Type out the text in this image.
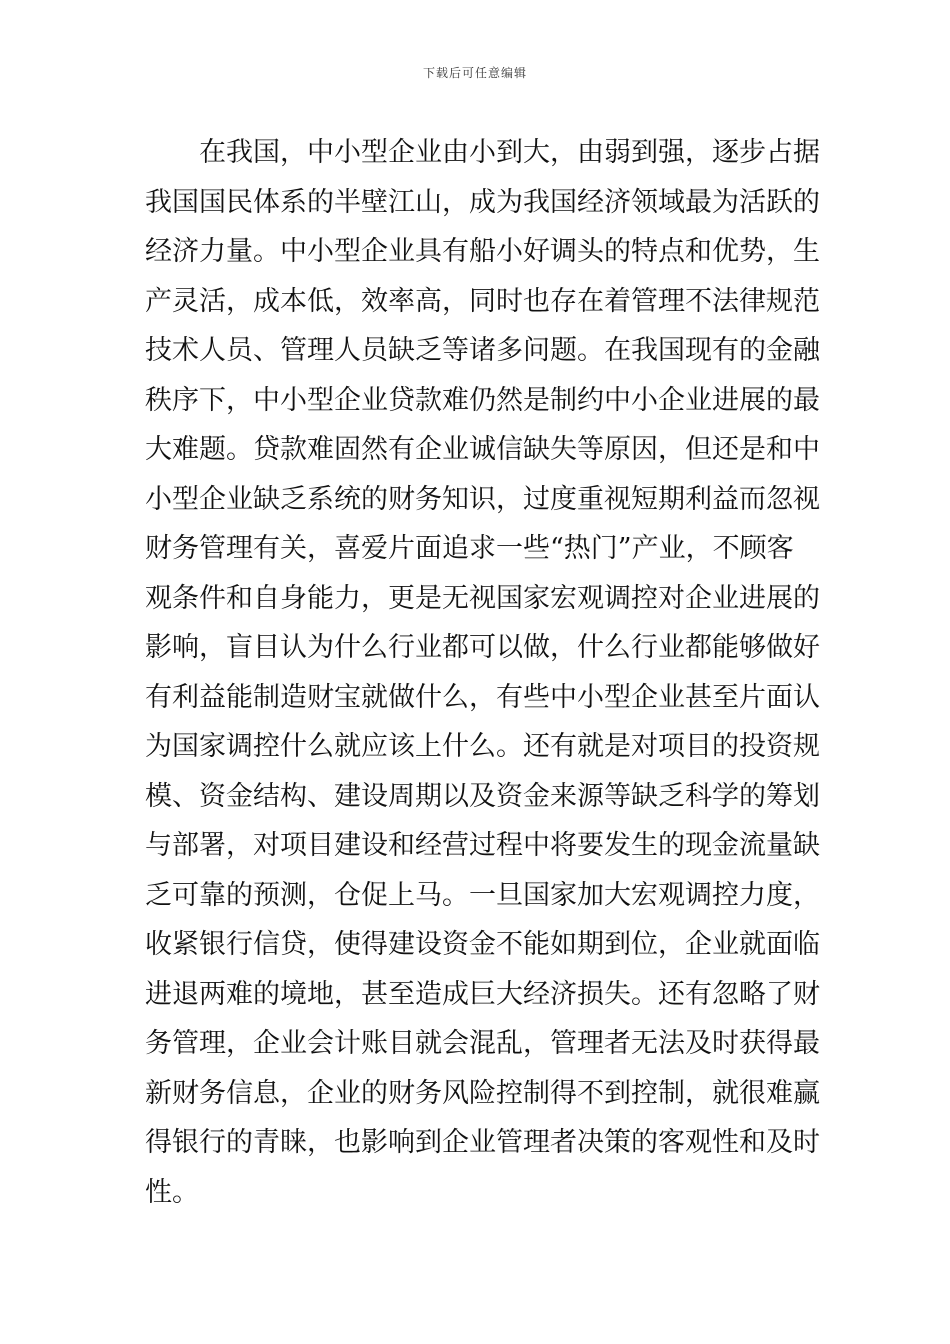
下载后可任意编辑
在我国，中小型企业由小到大，由弱到强，逐步占据
我国国民体系的半壁江山，成为我国经济领域最为活跃的
经济力量。中小型企业具有船小好调头的特点和优势，生
产灵活，成本低，效率高，同时也存在着管理不法律规范
技术人员、管理人员缺乏等诸多问题。在我国现有的金融
秩序下，中小型企业贷款难仍然是制约中小企业进展的最
大难题。贷款难固然有企业诚信缺失等原因，但还是和中
小型企业缺乏系统的财务知识，过度重视短期利益而忽视
财务管理有关，喜爱片面追求一些“热门”产业，不顾客
观条件和自身能力，更是无视国家宏观调控对企业进展的
影响，盲目认为什么行业都可以做，什么行业都能够做好
有利益能制造财宝就做什么，有些中小型企业甚至片面认
为国家调控什么就应该上什么。还有就是对项目的投资规
模、资金结构、建设周期以及资金来源等缺乏科学的筹划
与部署，对项目建设和经营过程中将要发生的现金流量缺
乏可靠的预测，仓促上马。一旦国家加大宏观调控力度，
收紧银行信贷，使得建设资金不能如期到位，企业就面临
进退两难的境地，甚至造成巨大经济损失。还有忽略了财
务管理，企业会计账目就会混乱，管理者无法及时获得最
新财务信息，企业的财务风险控制得不到控制，就很难赢
得银行的青睐，也影响到企业管理者决策的客观性和及时
性。
